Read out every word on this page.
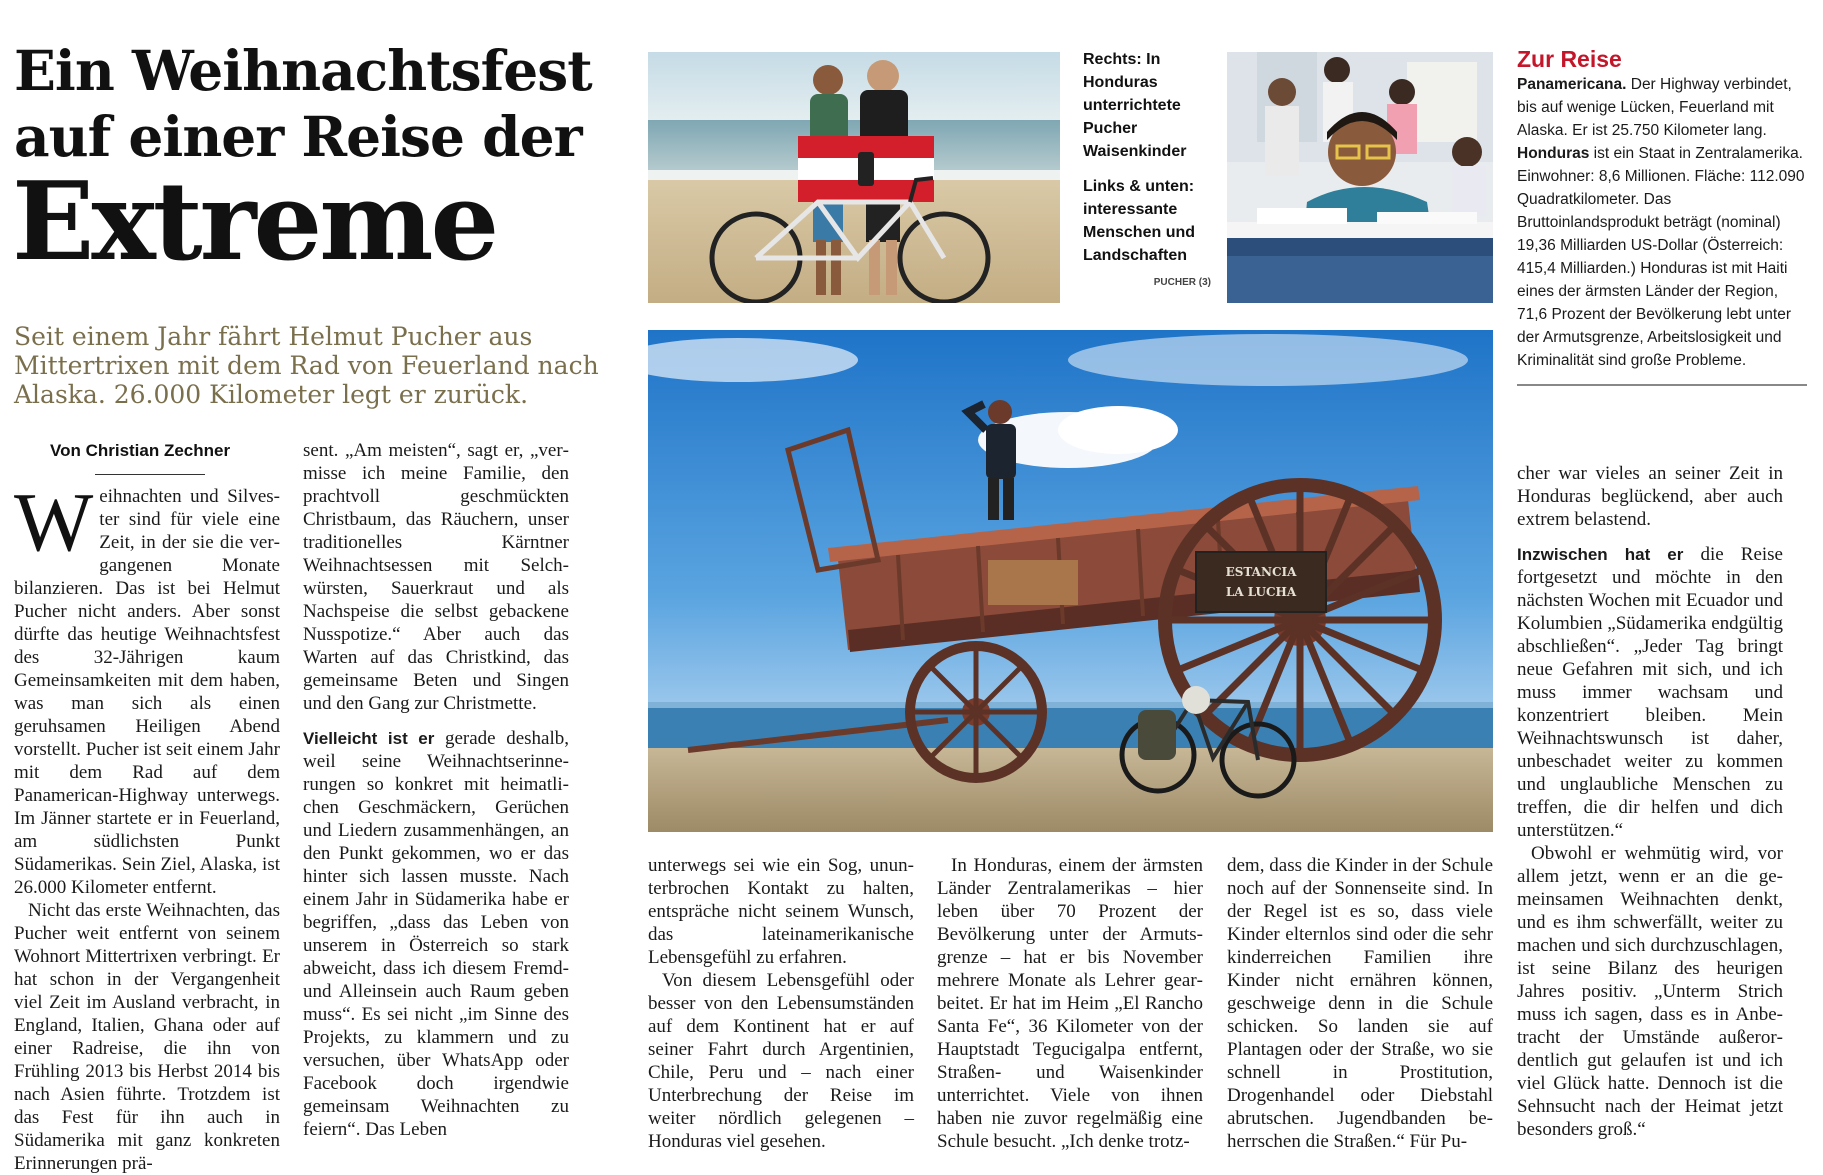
Ein Weihnachtsfest
auf einer Reise der
Extreme
Seit einem Jahr fährt Helmut Pucher aus Mittertrixen mit dem Rad von Feuerland nach Alaska. 26.000 Kilometer legt er zurück.
Von Christian Zechner

Weihnachten und Silvester sind für viele eine Zeit, in der sie die vergangenen Monate bilanzieren. Das ist bei Helmut Pucher nicht anders. Aber sonst dürfte das heutige Weihnachtsfest des 32-Jährigen kaum Gemeinsamkeiten mit dem haben, was man sich als einen geruhsamen Heiligen Abend vorstellt. Pucher ist seit einem Jahr mit dem Rad auf dem Panamerican-Highway unterwegs. Im Jänner startete er in Feuerland, am südlichsten Punkt Südamerikas. Sein Ziel, Alaska, ist 26.000 Kilometer entfernt.

Nicht das erste Weihnachten, das Pucher weit entfernt von seinem Wohnort Mittertrixen verbringt. Er hat schon in der Vergangenheit viel Zeit im Ausland verbracht, in England, Italien, Ghana oder auf einer Radreise, die ihn von Frühling 2013 bis Herbst 2014 bis nach Asien führte. Trotzdem ist das Fest für ihn auch in Südamerika mit ganz konkreten Erinnerungen prä-

sent. „Am meisten“, sagt er, „vermisse ich meine Familie, den prachtvoll geschmückten Christbaum, das Räuchern, unser traditionelles Kärntner Weihnachtsessen mit Selchwürsten, Sauerkraut und als Nachspeise die selbst gebackene Nusspotize.“ Aber auch das Warten auf das Christkind, das gemeinsame Beten und Singen und den Gang zur Christmette.

Vielleicht ist er gerade deshalb, weil seine Weihnachtserinnerungen so konkret mit heimatlichen Geschmäckern, Gerüchen und Liedern zusammenhängen, an den Punkt gekommen, wo er das hinter sich lassen musste. Nach einem Jahr in Südamerika habe er begriffen, „dass das Leben von unserem in Österreich so stark abweicht, dass ich diesem Fremd- und Alleinsein auch Raum geben muss“. Es sei nicht „im Sinne des Projekts, zu klammern und zu versuchen, über WhatsApp oder Facebook doch irgendwie gemeinsam Weihnachten zu feiern“. Das Leben

Rechts: In Honduras unterrichtete Pucher Waisenkinder
Links & unten: interessante Menschen und Landschaften
PUCHER (3)
Zur Reise
Panamericana. Der Highway verbindet, bis auf wenige Lücken, Feuerland mit Alaska. Er ist 25.750 Kilometer lang.
Honduras ist ein Staat in Zentralamerika. Einwohner: 8,6 Millionen. Fläche: 112.090 Quadratkilometer. Das Bruttoinlandsprodukt beträgt (nominal) 19,36 Milliarden US-Dollar (Österreich: 415,4 Milliarden.) Honduras ist mit Haiti eines der ärmsten Länder der Region, 71,6 Prozent der Bevölkerung lebt unter der Armutsgrenze, Arbeitslosigkeit und Kriminalität sind große Probleme.
ESTANCIA
LA LUCHA

unterwegs sei wie ein Sog, ununterbrochen Kontakt zu halten, entspräche nicht seinem Wunsch, das lateinamerikanische Lebensgefühl zu erfahren.

Von diesem Lebensgefühl oder besser von den Lebensumständen auf dem Kontinent hat er auf seiner Fahrt durch Argentinien, Chile, Peru und – nach einer Unterbrechung der Reise im weiter nördlich gelegenen – Honduras viel gesehen.

In Honduras, einem der ärmsten Länder Zentralamerikas – hier leben über 70 Prozent der Bevölkerung unter der Armutsgrenze – hat er bis November mehrere Monate als Lehrer gearbeitet. Er hat im Heim „El Rancho Santa Fe“, 36 Kilometer von der Hauptstadt Tegucigalpa entfernt, Straßen- und Waisenkinder unterrichtet. Viele von ihnen haben nie zuvor regelmäßig eine Schule besucht. „Ich denke trotz-

dem, dass die Kinder in der Schule noch auf der Sonnenseite sind. In der Regel ist es so, dass viele Kinder elternlos sind oder die sehr kinderreichen Familien ihre Kinder nicht ernähren können, geschweige denn in die Schule schicken. So landen sie auf Plantagen oder der Straße, wo sie schnell in Prostitution, Drogenhandel oder Diebstahl abrutschen. Jugendbanden beherrschen die Straßen.“ Für Pu-

cher war vieles an seiner Zeit in Honduras beglückend, aber auch extrem belastend.

Inzwischen hat er die Reise fortgesetzt und möchte in den nächsten Wochen mit Ecuador und Kolumbien „Südamerika endgültig abschließen“. „Jeder Tag bringt neue Gefahren mit sich, und ich muss immer wachsam und konzentriert bleiben. Mein Weihnachtswunsch ist daher, unbeschadet weiter zu kommen und unglaubliche Menschen zu treffen, die dir helfen und dich unterstützen.“

Obwohl er wehmütig wird, vor allem jetzt, wenn er an die gemeinsamen Weihnachten denkt, und es ihm schwerfällt, weiter zu machen und sich durchzuschlagen, ist seine Bilanz des heurigen Jahres positiv. „Unterm Strich muss ich sagen, dass es in Anbetracht der Umstände außerordentlich gut gelaufen ist und ich viel Glück hatte. Dennoch ist die Sehnsucht nach der Heimat jetzt besonders groß.“
